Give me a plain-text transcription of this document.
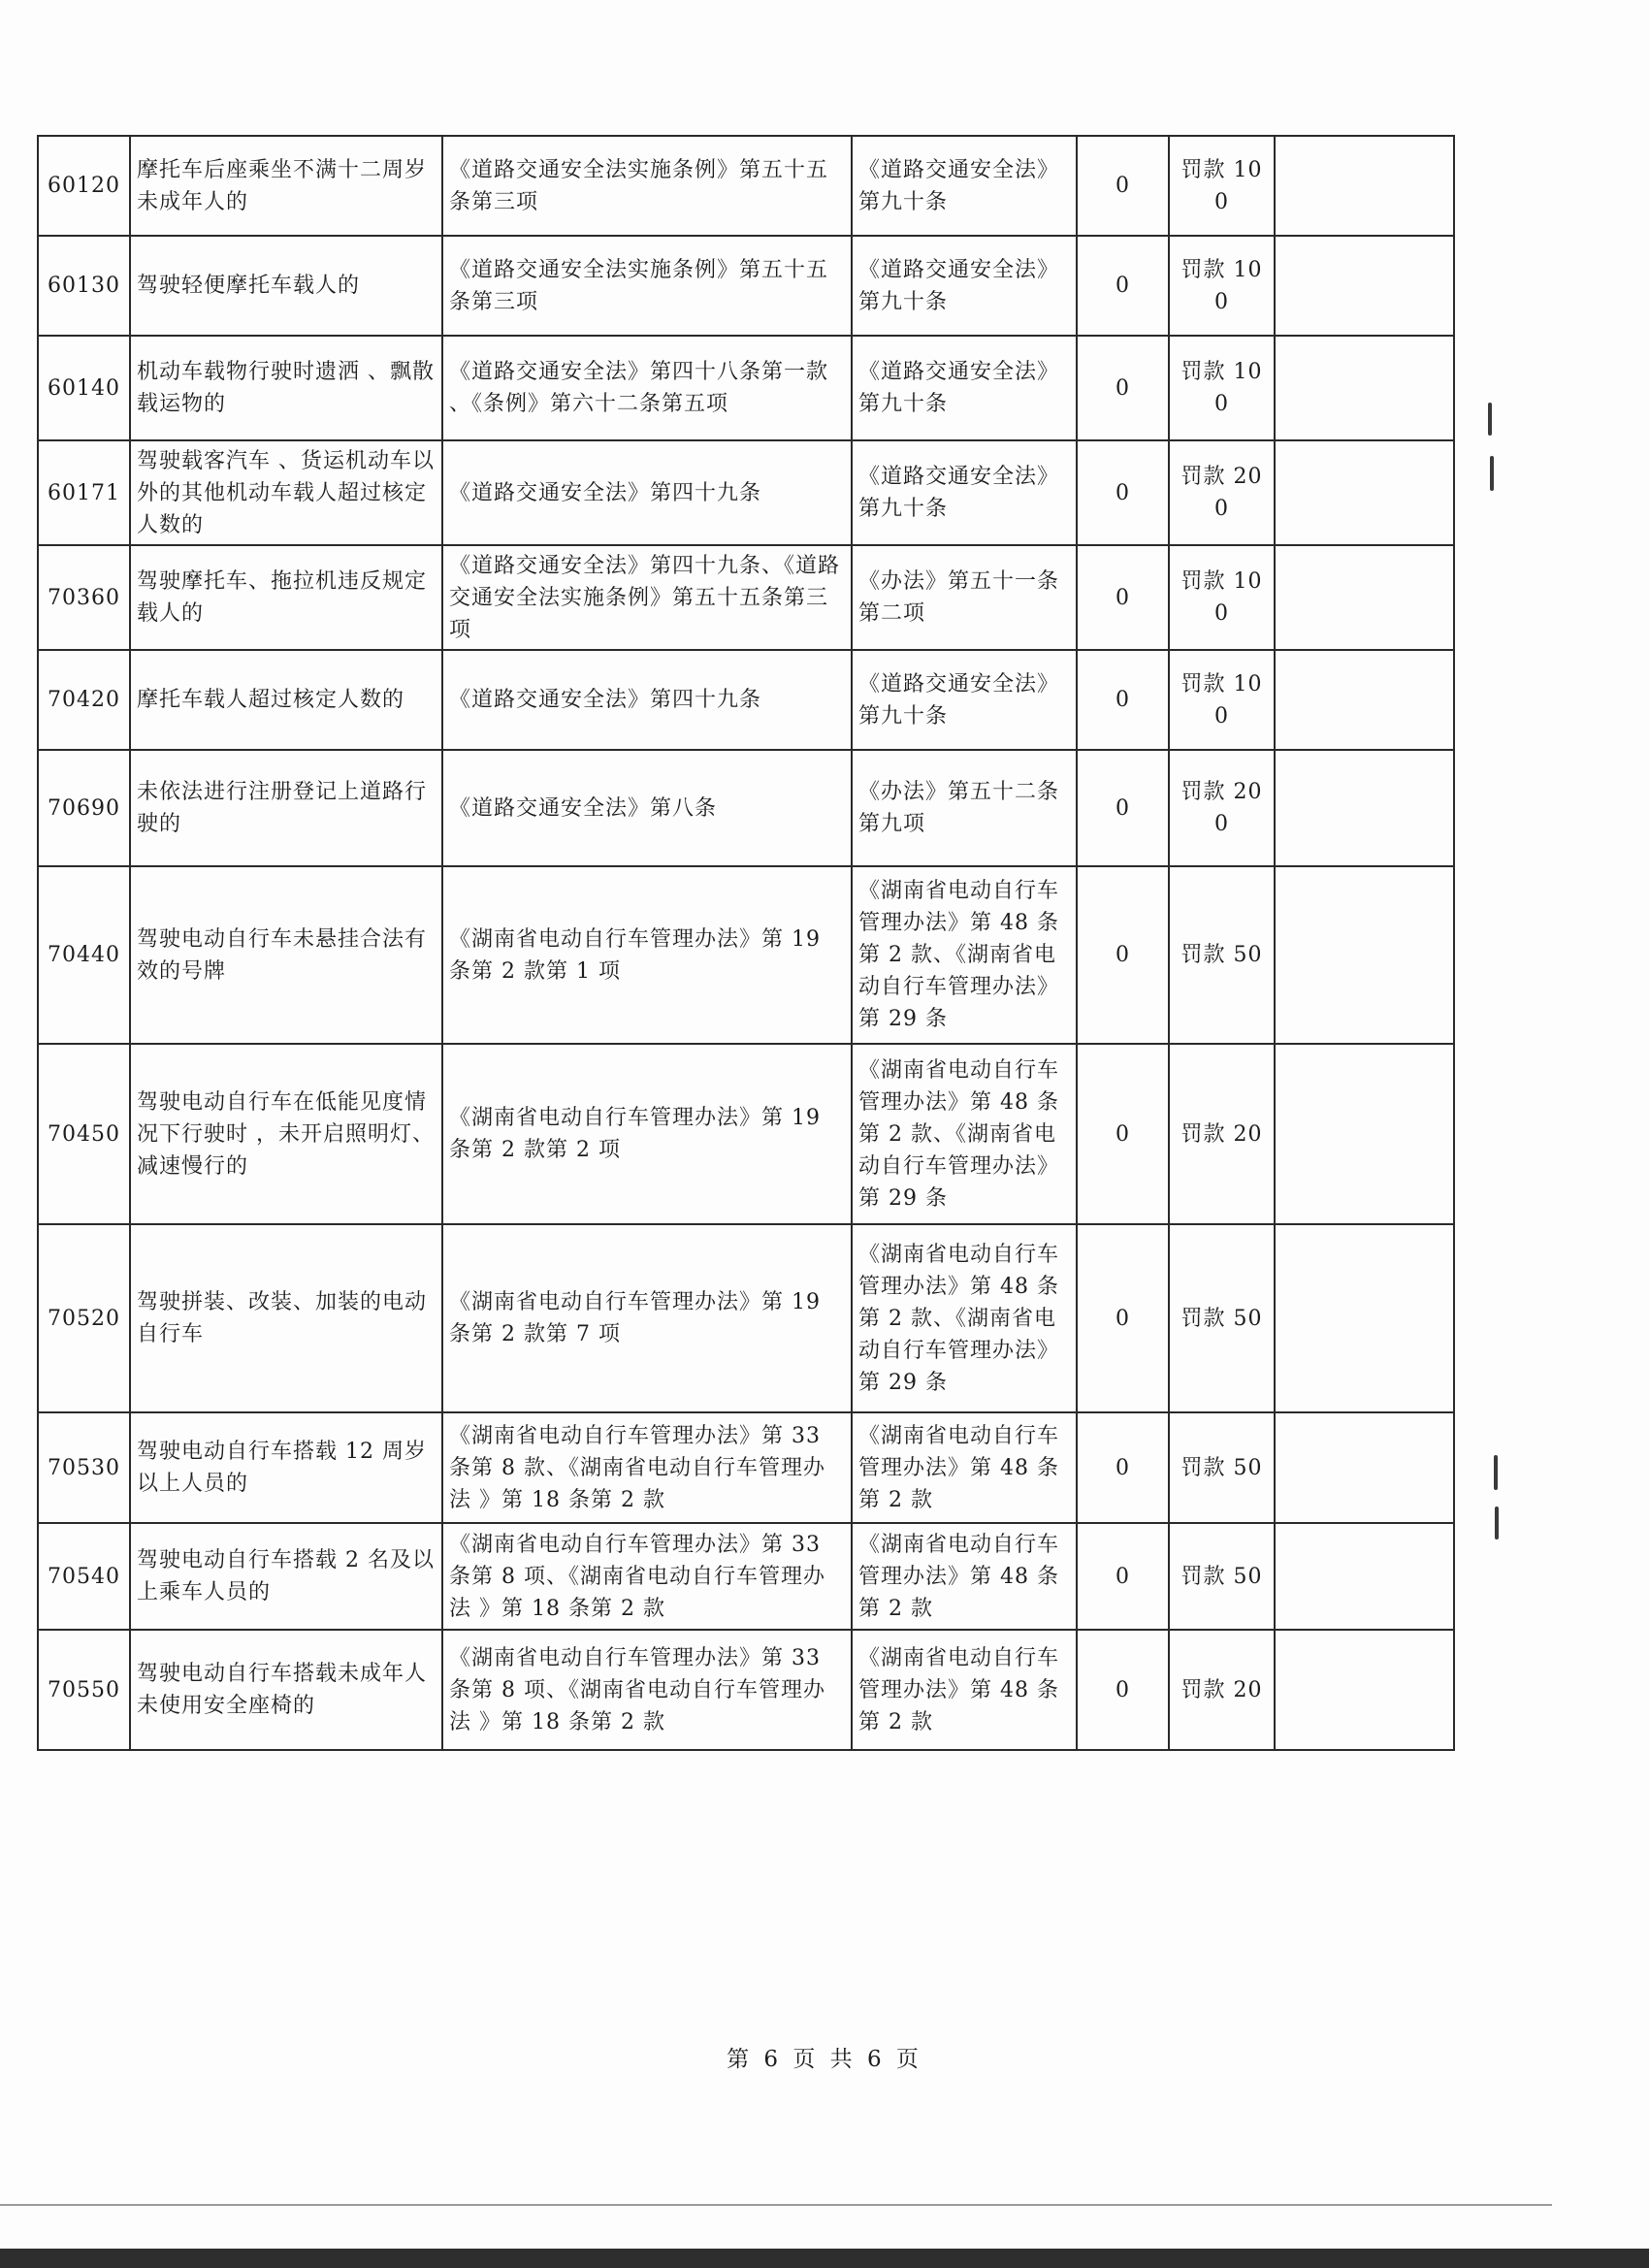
60120	摩托车后座乘坐不满十二周岁未成年人的	《道路交通安全法实施条例》第五十五条第三项	《道路交通安全法》第九十条	0	罚款 100	
60130	驾驶轻便摩托车载人的	《道路交通安全法实施条例》第五十五条第三项	《道路交通安全法》第九十条	0	罚款 100	
60140	机动车载物行驶时遗洒 、飘散载运物的	《道路交通安全法》第四十八条第一款 、《条例》第六十二条第五项	《道路交通安全法》第九十条	0	罚款 100	
60171	驾驶载客汽车 、货运机动车以外的其他机动车载人超过核定人数的	《道路交通安全法》第四十九条	《道路交通安全法》第九十条	0	罚款 200	
70360	驾驶摩托车、拖拉机违反规定载人的	《道路交通安全法》第四十九条、《道路交通安全法实施条例》第五十五条第三项	《办法》第五十一条第二项	0	罚款 100	
70420	摩托车载人超过核定人数的	《道路交通安全法》第四十九条	《道路交通安全法》第九十条	0	罚款 100	
70690	未依法进行注册登记上道路行驶的	《道路交通安全法》第八条	《办法》第五十二条第九项	0	罚款 200	
70440	驾驶电动自行车未悬挂合法有效的号牌	《湖南省电动自行车管理办法》第 19 条第 2 款第 1 项	《湖南省电动自行车管理办法》第 48 条第 2 款、《湖南省电动自行车管理办法》第 29 条	0	罚款 50	
70450	驾驶电动自行车在低能见度情况下行驶时 ，未开启照明灯、 减速慢行的	《湖南省电动自行车管理办法》第 19 条第 2 款第 2 项	《湖南省电动自行车管理办法》第 48 条第 2 款、《湖南省电动自行车管理办法》第 29 条	0	罚款 20	
70520	驾驶拼装、改装、加装的电动自行车	《湖南省电动自行车管理办法》第 19 条第 2 款第 7 项	《湖南省电动自行车管理办法》第 48 条第 2 款、《湖南省电动自行车管理办法》第 29 条	0	罚款 50	
70530	驾驶电动自行车搭载 12 周岁以上人员的	《湖南省电动自行车管理办法》第 33 条第 8 款、《湖南省电动自行车管理办法 》第 18 条第 2 款	《湖南省电动自行车管理办法》第 48 条第 2 款	0	罚款 50	
70540	驾驶电动自行车搭载 2 名及以上乘车人员的	《湖南省电动自行车管理办法》第 33 条第 8 项、《湖南省电动自行车管理办法 》第 18 条第 2 款	《湖南省电动自行车管理办法》第 48 条第 2 款	0	罚款 50	
70550	驾驶电动自行车搭载未成年人未使用安全座椅的	《湖南省电动自行车管理办法》第 33 条第 8 项、《湖南省电动自行车管理办法 》第 18 条第 2 款	《湖南省电动自行车管理办法》第 48 条第 2 款	0	罚款 20	
第 6 页 共 6 页
